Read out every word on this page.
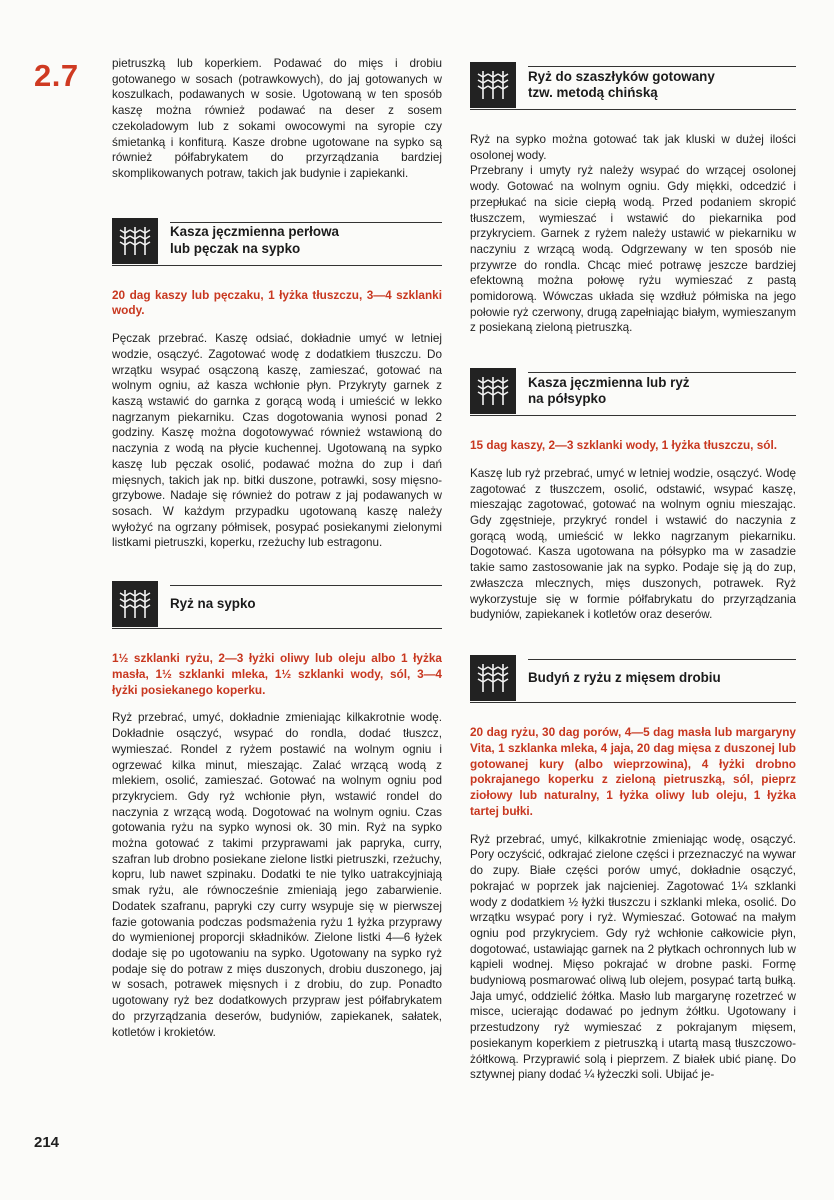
2.7
214

pietruszką lub koperkiem. Podawać do mięs i drobiu gotowanego w sosach (potrawkowych), do jaj gotowanych w koszulkach, podawanych w sosie. Ugotowaną w ten sposób kaszę można również podawać na deser z sosem czekoladowym lub z sokami owocowymi na syropie czy śmietanką i konfiturą. Kasze drobne ugotowane na sypko są również półfabrykatem do przyrządzania bardziej skomplikowanych potraw, takich jak budynie i zapiekanki.

Kasza jęczmienna perłowa
lub pęczak na sypko

20 dag kaszy lub pęczaku, 1 łyżka tłuszczu, 3—4 szklanki wody.

Pęczak przebrać. Kaszę odsiać, dokładnie umyć w letniej wodzie, osączyć. Zagotować wodę z dodatkiem tłuszczu. Do wrzątku wsypać osączoną kaszę, zamieszać, gotować na wolnym ogniu, aż kasza wchłonie płyn. Przykryty garnek z kaszą wstawić do garnka z gorącą wodą i umieścić w lekko nagrzanym piekarniku. Czas dogotowania wynosi ponad 2 godziny. Kaszę można dogotowywać również wstawioną do naczynia z wodą na płycie kuchennej. Ugotowaną na sypko kaszę lub pęczak osolić, podawać można do zup i dań mięsnych, takich jak np. bitki duszone, potrawki, sosy mięsno-grzybowe. Nadaje się również do potraw z jaj podawanych w sosach. W każdym przypadku ugotowaną kaszę należy wyłożyć na ogrzany półmisek, posypać posiekanymi zielonymi listkami pietruszki, koperku, rzeżuchy lub estragonu.

Ryż na sypko

1½ szklanki ryżu, 2—3 łyżki oliwy lub oleju albo 1 łyżka masła, 1½ szklanki mleka, 1½ szklanki wody, sól, 3—4 łyżki posiekanego koperku.

Ryż przebrać, umyć, dokładnie zmieniając kilkakrotnie wodę. Dokładnie osączyć, wsypać do rondla, dodać tłuszcz, wymieszać. Rondel z ryżem postawić na wolnym ogniu i ogrzewać kilka minut, mieszając. Zalać wrzącą wodą z mlekiem, osolić, zamieszać. Gotować na wolnym ogniu pod przykryciem. Gdy ryż wchłonie płyn, wstawić rondel do naczynia z wrzącą wodą. Dogotować na wolnym ogniu. Czas gotowania ryżu na sypko wynosi ok. 30 min. Ryż na sypko można gotować z takimi przyprawami jak papryka, curry, szafran lub drobno posiekane zielone listki pietruszki, rzeżuchy, kopru, lub nawet szpinaku. Dodatki te nie tylko uatrakcyjniają smak ryżu, ale równocześnie zmieniają jego zabarwienie. Dodatek szafranu, papryki czy curry wsypuje się w pierwszej fazie gotowania podczas podsmażenia ryżu 1 łyżka przyprawy do wymienionej proporcji składników. Zielone listki 4—6 łyżek dodaje się po ugotowaniu na sypko. Ugotowany na sypko ryż podaje się do potraw z mięs duszonych, drobiu duszonego, jaj w sosach, potrawek mięsnych i z drobiu, do zup. Ponadto ugotowany ryż bez dodatkowych przypraw jest półfabrykatem do przyrządzania deserów, budyniów, zapiekanek, sałatek, kotletów i krokietów.

Ryż do szaszłyków gotowany
tzw. metodą chińską

Ryż na sypko można gotować tak jak kluski w dużej ilości osolonej wody.
Przebrany i umyty ryż należy wsypać do wrzącej osolonej wody. Gotować na wolnym ogniu. Gdy miękki, odcedzić i przepłukać na sicie ciepłą wodą. Przed podaniem skropić tłuszczem, wymieszać i wstawić do piekarnika pod przykryciem. Garnek z ryżem należy ustawić w piekarniku w naczyniu z wrzącą wodą. Odgrzewany w ten sposób nie przywrze do rondla. Chcąc mieć potrawę jeszcze bardziej efektowną można połowę ryżu wymieszać z pastą pomidorową. Wówczas układa się wzdłuż półmiska na jego połowie ryż czerwony, drugą zapełniając białym, wymieszanym z posiekaną zieloną pietruszką.

Kasza jęczmienna lub ryż
na półsypko

15 dag kaszy, 2—3 szklanki wody, 1 łyżka tłuszczu, sól.

Kaszę lub ryż przebrać, umyć w letniej wodzie, osączyć. Wodę zagotować z tłuszczem, osolić, odstawić, wsypać kaszę, mieszając zagotować, gotować na wolnym ogniu mieszając. Gdy zgęstnieje, przykryć rondel i wstawić do naczynia z gorącą wodą, umieścić w lekko nagrzanym piekarniku. Dogotować. Kasza ugotowana na półsypko ma w zasadzie takie samo zastosowanie jak na sypko. Podaje się ją do zup, zwłaszcza mlecznych, mięs duszonych, potrawek. Ryż wykorzystuje się w formie półfabrykatu do przyrządzania budyniów, zapiekanek i kotletów oraz deserów.

Budyń z ryżu z mięsem drobiu

20 dag ryżu, 30 dag porów, 4—5 dag masła lub margaryny Vita, 1 szklanka mleka, 4 jaja, 20 dag mięsa z duszonej lub gotowanej kury (albo wieprzowina), 4 łyżki drobno pokrajanego koperku z zieloną pietruszką, sól, pieprz ziołowy lub naturalny, 1 łyżka oliwy lub oleju, 1 łyżka tartej bułki.

Ryż przebrać, umyć, kilkakrotnie zmieniając wodę, osączyć. Pory oczyścić, odkrajać zielone części i przeznaczyć na wywar do zupy. Białe części porów umyć, dokładnie osączyć, pokrajać w poprzek jak najcieniej. Zagotować 1¼ szklanki wody z dodatkiem ½ łyżki tłuszczu i szklanki mleka, osolić. Do wrzątku wsypać pory i ryż. Wymieszać. Gotować na małym ogniu pod przykryciem. Gdy ryż wchłonie całkowicie płyn, dogotować, ustawiając garnek na 2 płytkach ochronnych lub w kąpieli wodnej. Mięso pokrajać w drobne paski. Formę budyniową posmarować oliwą lub olejem, posypać tartą bułką. Jaja umyć, oddzielić żółtka. Masło lub margarynę rozetrzeć w misce, ucierając dodawać po jednym żółtku. Ugotowany i przestudzony ryż wymieszać z pokrajanym mięsem, posiekanym koperkiem z pietruszką i utartą masą tłuszczowo-żółtkową. Przyprawić solą i pieprzem. Z białek ubić pianę. Do sztywnej piany dodać ¼ łyżeczki soli. Ubijać je-
